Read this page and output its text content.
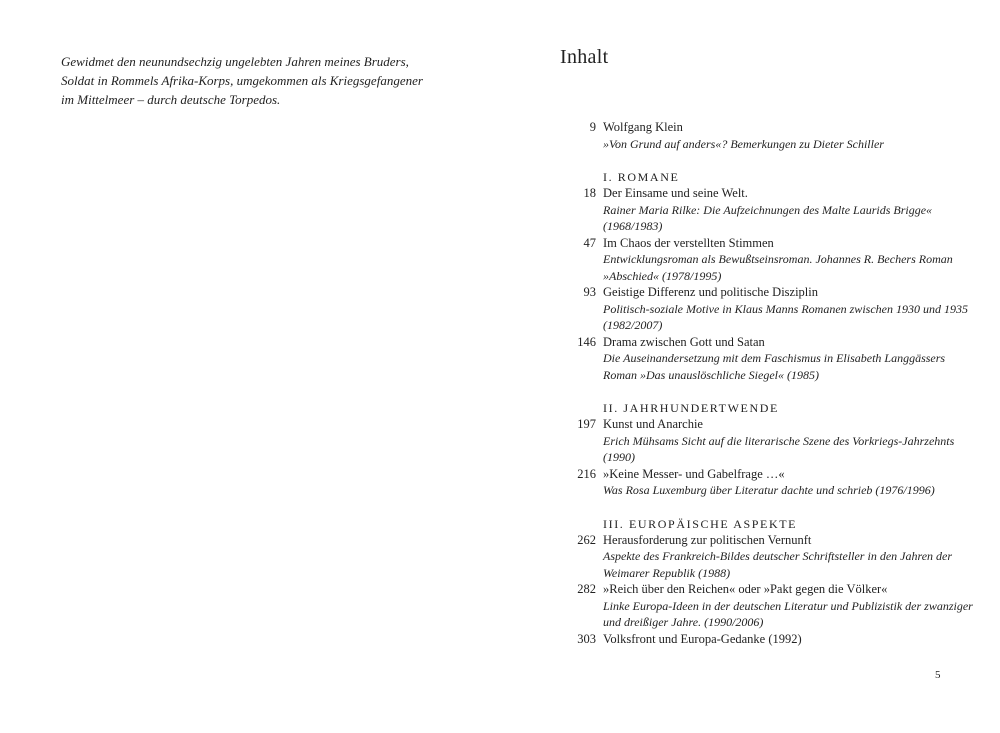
Gewidmet den neunundsechzig ungelebten Jahren meines Bruders,
Soldat in Rommels Afrika-Korps, umgekommen als Kriegsgefangener
im Mittelmeer – durch deutsche Torpedos.

Inhalt
9 Wolfgang Klein
»Von Grund auf anders«? Bemerkungen zu Dieter Schiller
I. ROMANE
18 Der Einsame und seine Welt.
Rainer Maria Rilke: Die Aufzeichnungen des Malte Laurids Brigge«
(1968/1983)
47 Im Chaos der verstellten Stimmen
Entwicklungsroman als Bewußtseinsroman. Johannes R. Bechers Roman
»Abschied« (1978/1995)
93 Geistige Differenz und politische Disziplin
Politisch-soziale Motive in Klaus Manns Romanen zwischen 1930 und 1935
(1982/2007)
146 Drama zwischen Gott und Satan
Die Auseinandersetzung mit dem Faschismus in Elisabeth Langgässers
Roman »Das unauslöschliche Siegel« (1985)
II. JAHRHUNDERTWENDE
197 Kunst und Anarchie
Erich Mühsams Sicht auf die literarische Szene des Vorkriegs-Jahrzehnts
(1990)
216 »Keine Messer- und Gabelfrage …«
Was Rosa Luxemburg über Literatur dachte und schrieb (1976/1996)
III. EUROPÄISCHE ASPEKTE
262 Herausforderung zur politischen Vernunft
Aspekte des Frankreich-Bildes deutscher Schriftsteller in den Jahren der
Weimarer Republik (1988)
282 »Reich über den Reichen« oder »Pakt gegen die Völker«
Linke Europa-Ideen in der deutschen Literatur und Publizistik der zwanziger
und dreißiger Jahre. (1990/2006)
303 Volksfront und Europa-Gedanke (1992)
5
